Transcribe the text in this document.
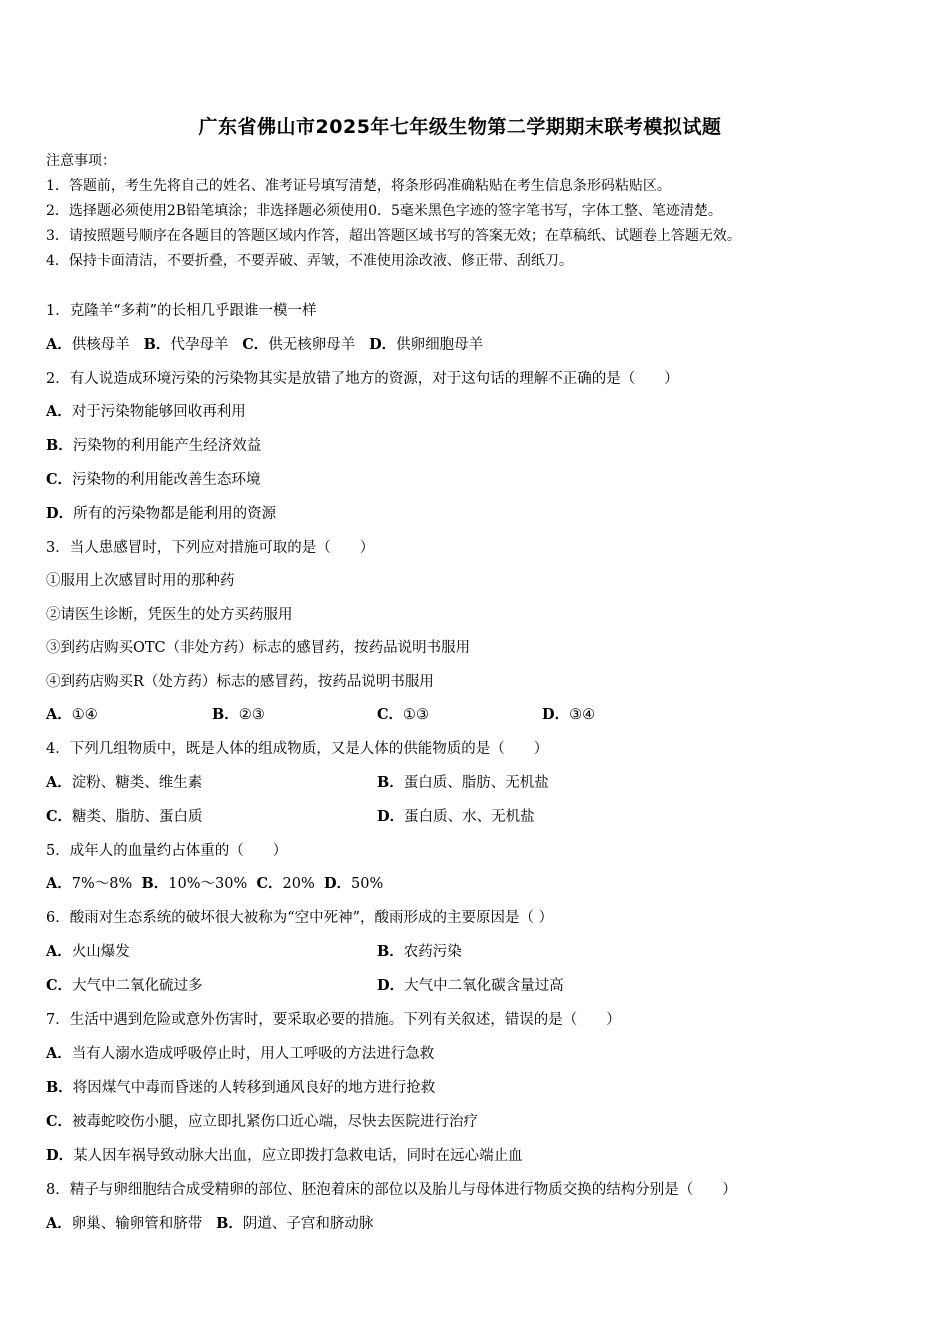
广东省佛山市2025年七年级生物第二学期期末联考模拟试题
注意事项：
1．答题前，考生先将自己的姓名、准考证号填写清楚，将条形码准确粘贴在考生信息条形码粘贴区。
2．选择题必须使用2B铅笔填涂；非选择题必须使用0．5毫米黑色字迹的签字笔书写，字体工整、笔迹清楚。
3．请按照题号顺序在各题目的答题区域内作答，超出答题区域书写的答案无效；在草稿纸、试题卷上答题无效。
4．保持卡面清洁，不要折叠，不要弄破、弄皱，不准使用涂改液、修正带、刮纸刀。
1．克隆羊“多莉”的长相几乎跟谁一模一样
A．供核母羊 B．代孕母羊 C．供无核卵母羊 D．供卵细胞母羊
2．有人说造成环境污染的污染物其实是放错了地方的资源，对于这句话的理解不正确的是（　　）
A．对于污染物能够回收再利用
B．污染物的利用能产生经济效益
C．污染物的利用能改善生态环境
D．所有的污染物都是能利用的资源
3．当人患感冒时，下列应对措施可取的是（　　）
①服用上次感冒时用的那种药
②请医生诊断，凭医生的处方买药服用
③到药店购买OTC（非处方药）标志的感冒药，按药品说明书服用
④到药店购买R（处方药）标志的感冒药，按药品说明书服用
A．①④	B．②③	C．①③	D．③④
4．下列几组物质中，既是人体的组成物质，又是人体的供能物质的是（　　）
A．淀粉、糖类、维生素	B．蛋白质、脂肪、无机盐
C．糖类、脂肪、蛋白质	D．蛋白质、水、无机盐
5．成年人的血量约占体重的（　　）
A．7%～8% B．10%～30% C．20% D．50%
6．酸雨对生态系统的破坏很大被称为“空中死神”，酸雨形成的主要原因是（ ）
A．火山爆发	B．农药污染
C．大气中二氧化硫过多	D．大气中二氧化碳含量过高
7．生活中遇到危险或意外伤害时，要采取必要的措施。下列有关叙述，错误的是（　　）
A．当有人溺水造成呼吸停止时，用人工呼吸的方法进行急救
B．将因煤气中毒而昏迷的人转移到通风良好的地方进行抢救
C．被毒蛇咬伤小腿，应立即扎紧伤口近心端，尽快去医院进行治疗
D．某人因车祸导致动脉大出血，应立即拨打急救电话，同时在远心端止血
8．精子与卵细胞结合成受精卵的部位、胚泡着床的部位以及胎儿与母体进行物质交换的结构分别是（　　）
A．卵巢、输卵管和脐带 B．阴道、子宫和脐动脉
